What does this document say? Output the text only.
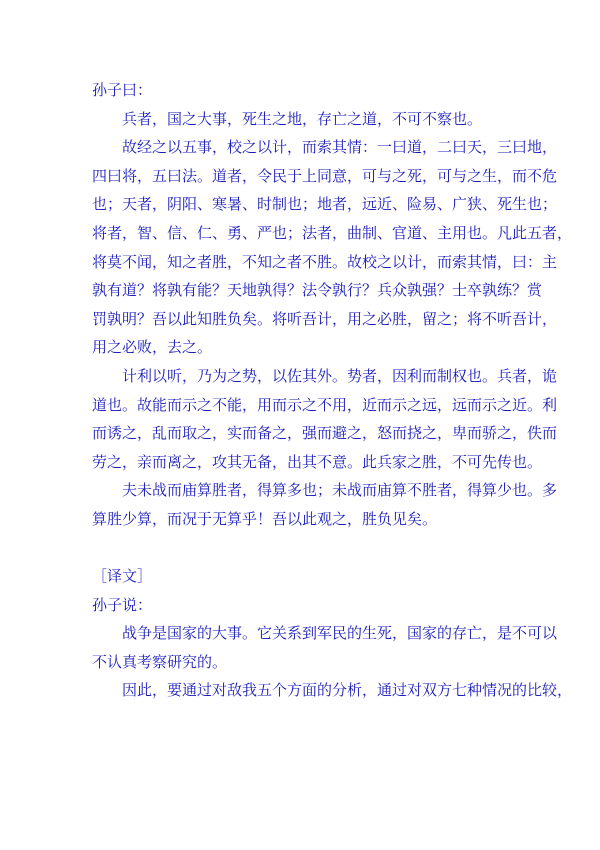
孙子曰：
兵者，国之大事，死生之地，存亡之道，不可不察也。
故经之以五事，校之以计，而索其情：一曰道，二曰天，三曰地，
四曰将，五曰法。道者，令民于上同意，可与之死，可与之生，而不危
也；天者，阴阳、寒暑、时制也；地者，远近、险易、广狭、死生也；
将者，智、信、仁、勇、严也；法者，曲制、官道、主用也。凡此五者，
将莫不闻，知之者胜，不知之者不胜。故校之以计，而索其情，曰：主
孰有道？将孰有能？天地孰得？法令孰行？兵众孰强？士卒孰练？赏
罚孰明？吾以此知胜负矣。将听吾计，用之必胜，留之；将不听吾计，
用之必败，去之。
计利以听，乃为之势，以佐其外。势者，因利而制权也。兵者，诡
道也。故能而示之不能，用而示之不用，近而示之远，远而示之近。利
而诱之，乱而取之，实而备之，强而避之，怒而挠之，卑而骄之，佚而
劳之，亲而离之，攻其无备，出其不意。此兵家之胜，不可先传也。
夫未战而庙算胜者，得算多也；未战而庙算不胜者，得算少也。多
算胜少算，而况于无算乎！吾以此观之，胜负见矣。
［译文］
孙子说：
战争是国家的大事。它关系到军民的生死，国家的存亡，是不可以
不认真考察研究的。
因此，要通过对敌我五个方面的分析，通过对双方七种情况的比较，
